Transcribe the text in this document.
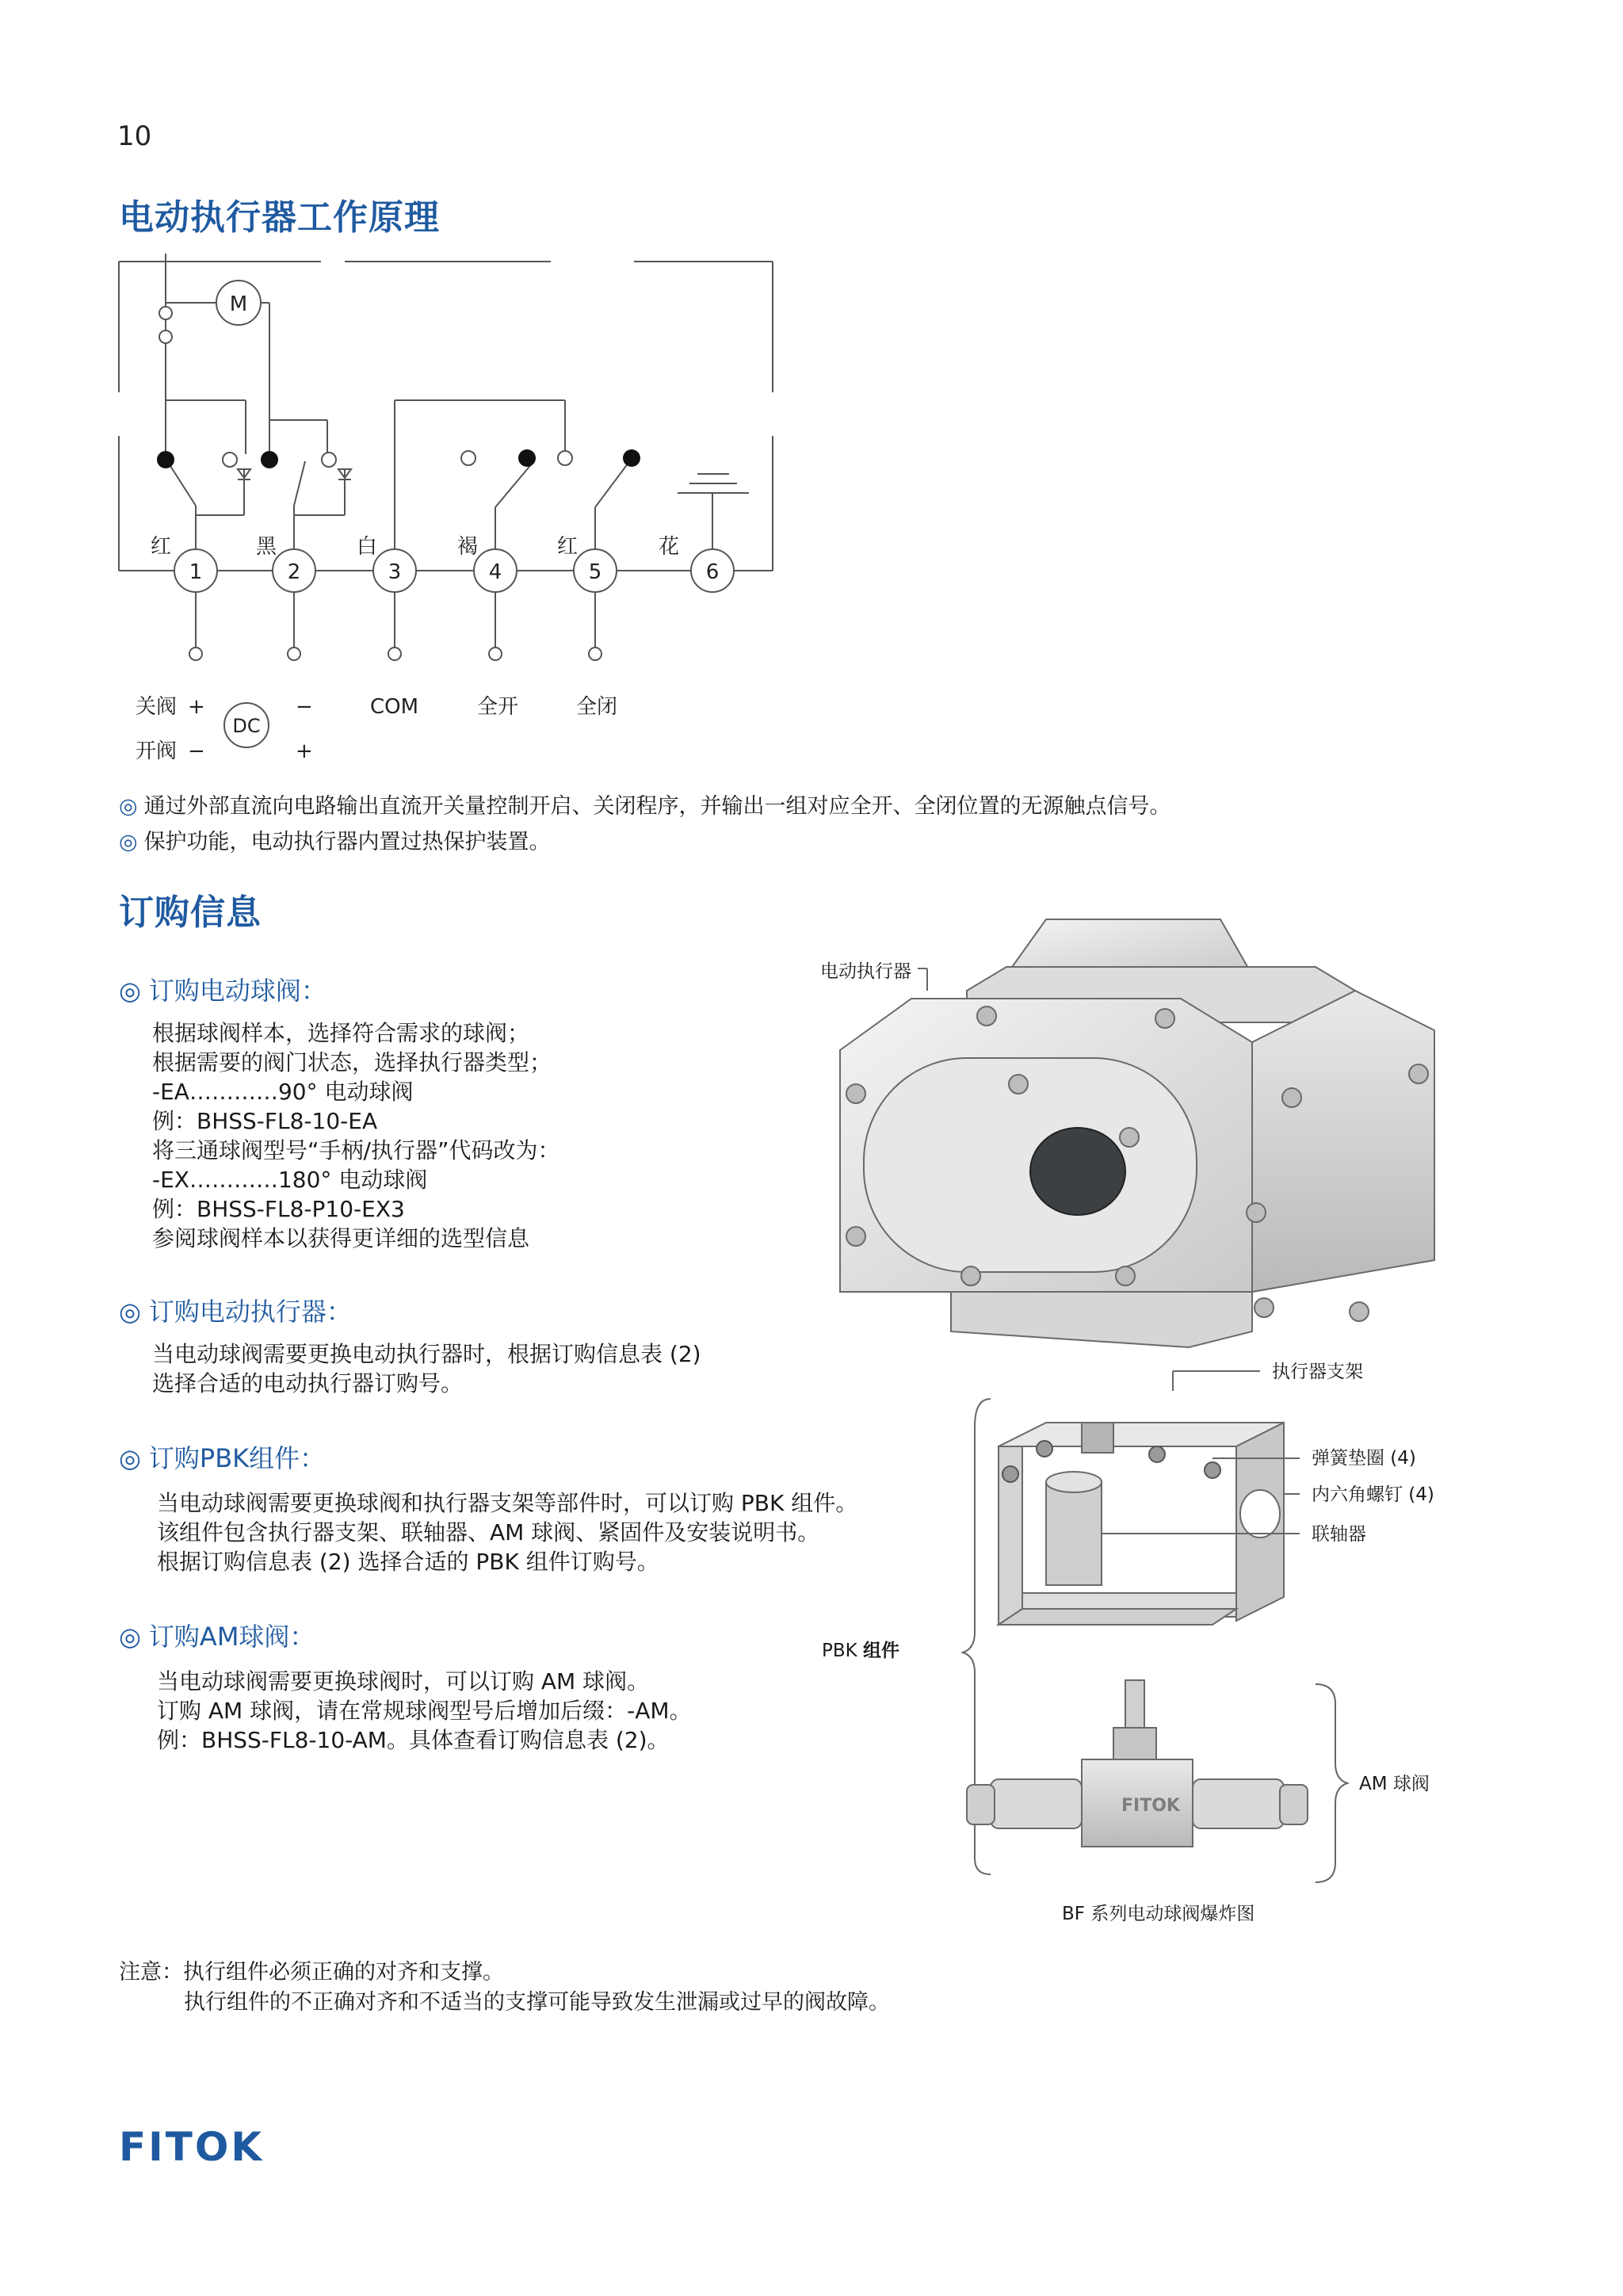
10
电动执行器工作原理
M
1	2	3	4	5	6
红	黑	白	褐	红	花
关阀 +
开阀 −
−
+
COM	全开	全闭
DC
◎ 通过外部直流向电路输出直流开关量控制开启、关闭程序，并输出一组对应全开、全闭位置的无源触点信号。
◎ 保护功能，电动执行器内置过热保护装置。
订购信息
◎ 订购电动球阀：
根据球阀样本，选择符合需求的球阀；
根据需要的阀门状态，选择执行器类型；
-EA…………90° 电动球阀
例：BHSS-FL8-10-EA
将三通球阀型号“手柄/执行器”代码改为：
-EX…………180° 电动球阀
例：BHSS-FL8-P10-EX3
参阅球阀样本以获得更详细的选型信息
◎ 订购电动执行器：
当电动球阀需要更换电动执行器时，根据订购信息表 (2)
选择合适的电动执行器订购号。
◎ 订购PBK组件：
当电动球阀需要更换球阀和执行器支架等部件时，可以订购 PBK 组件。
该组件包含执行器支架、联轴器、AM 球阀、紧固件及安装说明书。
根据订购信息表 (2) 选择合适的 PBK 组件订购号。
◎ 订购AM球阀：
当电动球阀需要更换球阀时，可以订购 AM 球阀。
订购 AM 球阀，请在常规球阀型号后增加后缀：-AM。
例：BHSS-FL8-10-AM。具体查看订购信息表 (2)。
电动执行器
PBK 组件
执行器支架
弹簧垫圈 (4)
内六角螺钉 (4)
联轴器
FITOK
AM 球阀
BF 系列电动球阀爆炸图
注意：执行组件必须正确的对齐和支撑。
执行组件的不正确对齐和不适当的支撑可能导致发生泄漏或过早的阀故障。
FITOK
